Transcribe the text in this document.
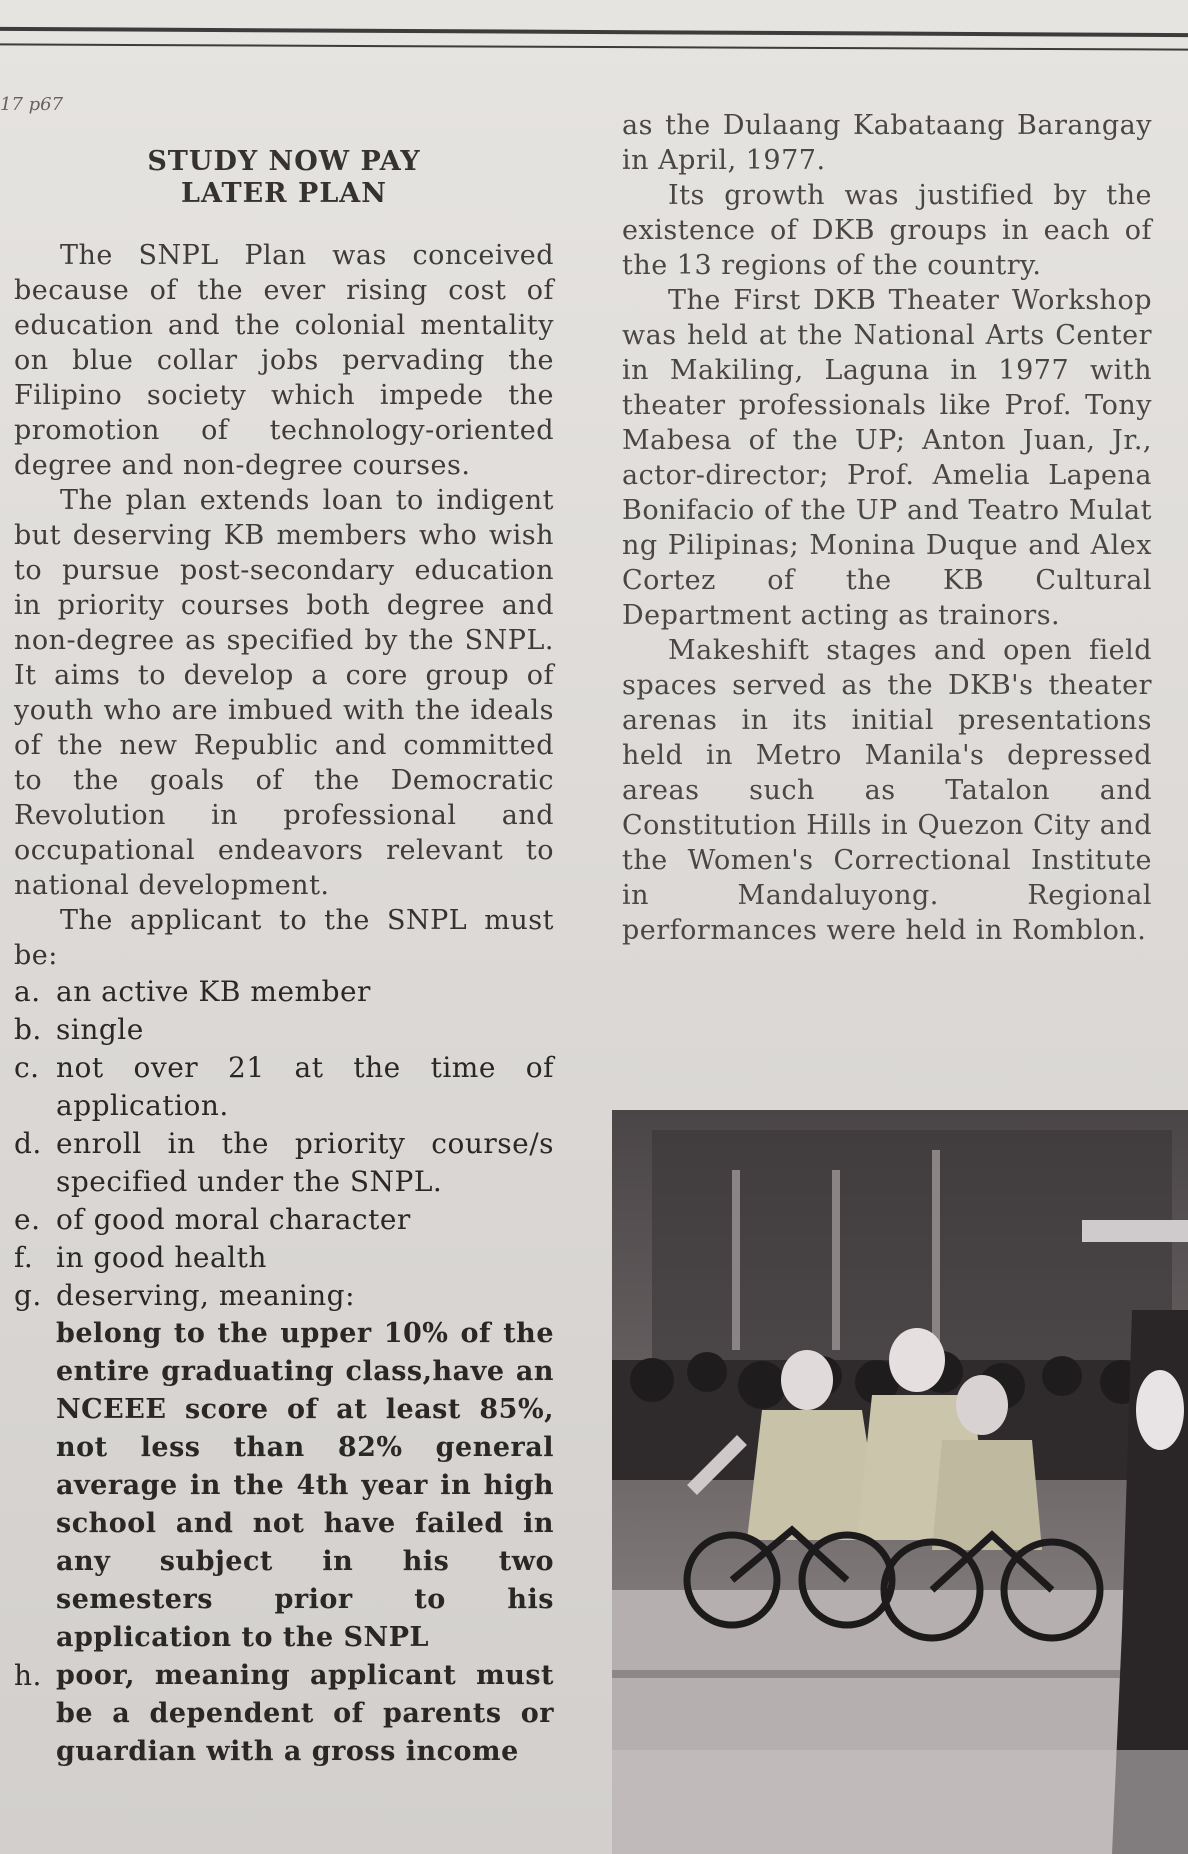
17 p67
STUDY NOW PAY
LATER PLAN

The SNPL Plan was conceived because of the ever rising cost of education and the colonial mentality on blue collar jobs pervading the Filipino society which impede the promotion of technology-oriented degree and non-degree courses.

The plan extends loan to indigent but deserving KB members who wish to pursue post-secondary education in priority courses both degree and non-degree as specified by the SNPL. It aims to develop a core group of youth who are imbued with the ideals of the new Republic and committed to the goals of the Democratic Revolution in professional and occupational endeavors relevant to national development.

The applicant to the SNPL must be:

a. an active KB member
b. single
c. not over 21 at the time of application.
d. enroll in the priority course/s specified under the SNPL.
e. of good moral character
f. in good health
g. deserving, meaning:
belong to the upper 10% of the entire graduating class,have an NCEEE score of at least 85%, not less than 82% general average in the 4th year in high school and not have failed in any subject in his two semesters prior to his application to the SNPL
h. poor, meaning applicant must be a dependent of parents or guardian with a gross income

as the Dulaang Kabataang Barangay in April, 1977.

Its growth was justified by the existence of DKB groups in each of the 13 regions of the country.

The First DKB Theater Workshop was held at the National Arts Center in Makiling, Laguna in 1977 with theater professionals like Prof. Tony Mabesa of the UP; Anton Juan, Jr., actor-director; Prof. Amelia Lapena Bonifacio of the UP and Teatro Mulat ng Pilipinas; Monina Duque and Alex Cortez of the KB Cultural Department acting as trainors.

Makeshift stages and open field spaces served as the DKB's theater arenas in its initial presentations held in Metro Manila's depressed areas such as Tatalon and Constitution Hills in Quezon City and the Women's Correctional Institute in Mandaluyong. Regional performances were held in Romblon.
